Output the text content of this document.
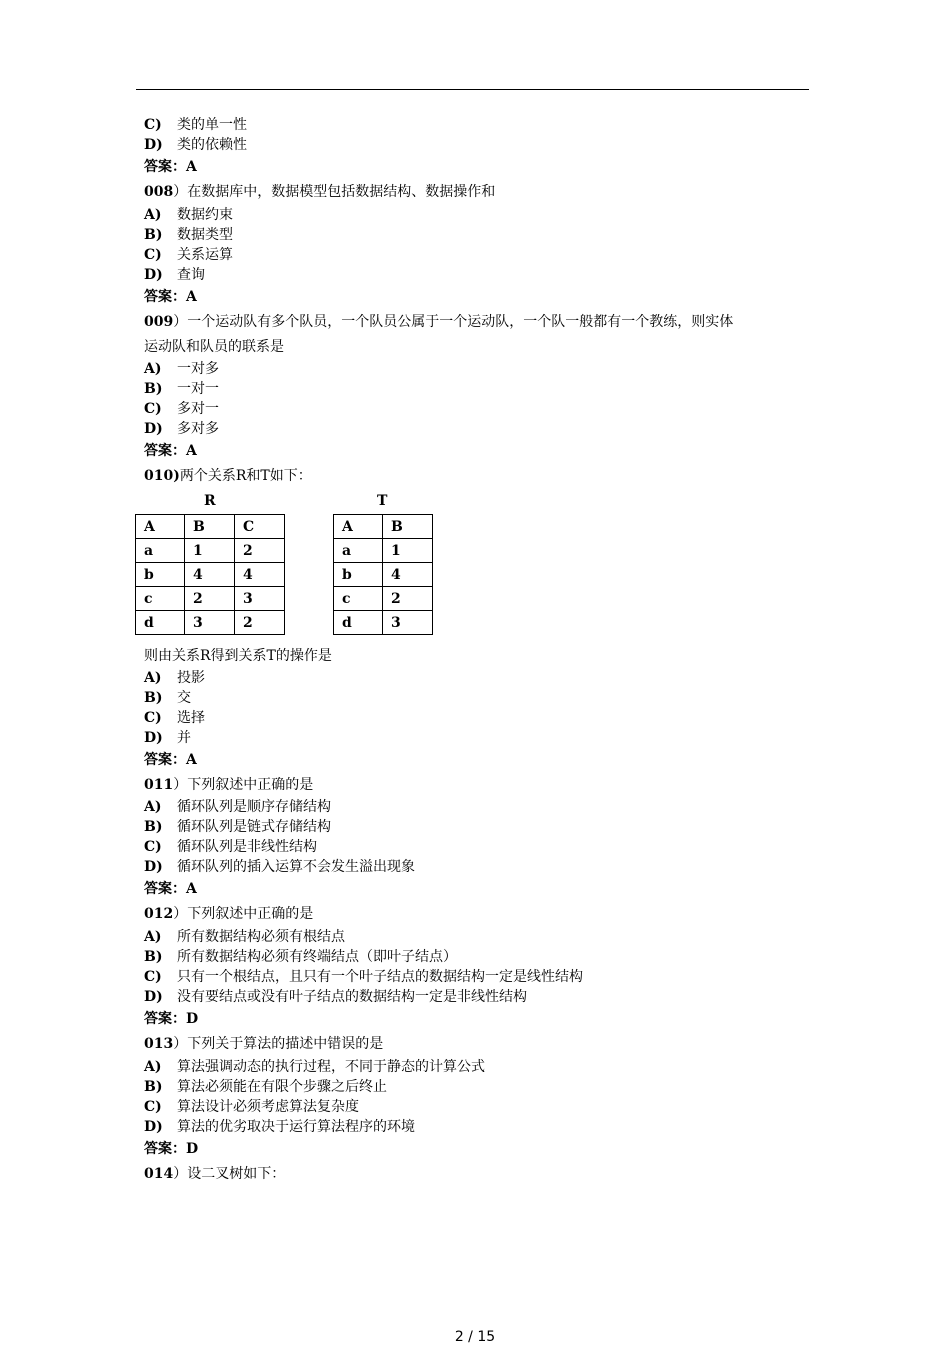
C) 类的单一性
D) 类的依赖性
答案：A
008）在数据库中，数据模型包括数据结构、数据操作和
A) 数据约束
B) 数据类型
C) 关系运算
D) 查询
答案：A
009）一个运动队有多个队员，一个队员公属于一个运动队，一个队一般都有一个教练，则实体
运动队和队员的联系是
A) 一对多
B) 一对一
C) 多对一
D) 多对多
答案：A
010)两个关系R和T如下：
R	T
A	B	C
a	1	2
b	4	4
c	2	3
d	3	2
A	B
a	1
b	4
c	2
d	3
则由关系R得到关系T的操作是
A) 投影
B) 交
C) 选择
D) 并
答案：A
011）下列叙述中正确的是
A) 循环队列是顺序存储结构
B) 循环队列是链式存储结构
C) 循环队列是非线性结构
D) 循环队列的插入运算不会发生溢出现象
答案：A
012）下列叙述中正确的是
A) 所有数据结构必须有根结点
B) 所有数据结构必须有终端结点（即叶子结点）
C) 只有一个根结点，且只有一个叶子结点的数据结构一定是线性结构
D) 没有要结点或没有叶子结点的数据结构一定是非线性结构
答案：D
013）下列关于算法的描述中错误的是
A) 算法强调动态的执行过程，不同于静态的计算公式
B) 算法必须能在有限个步骤之后终止
C) 算法设计必须考虑算法复杂度
D) 算法的优劣取决于运行算法程序的环境
答案：D
014）设二叉树如下：
2 / 15
